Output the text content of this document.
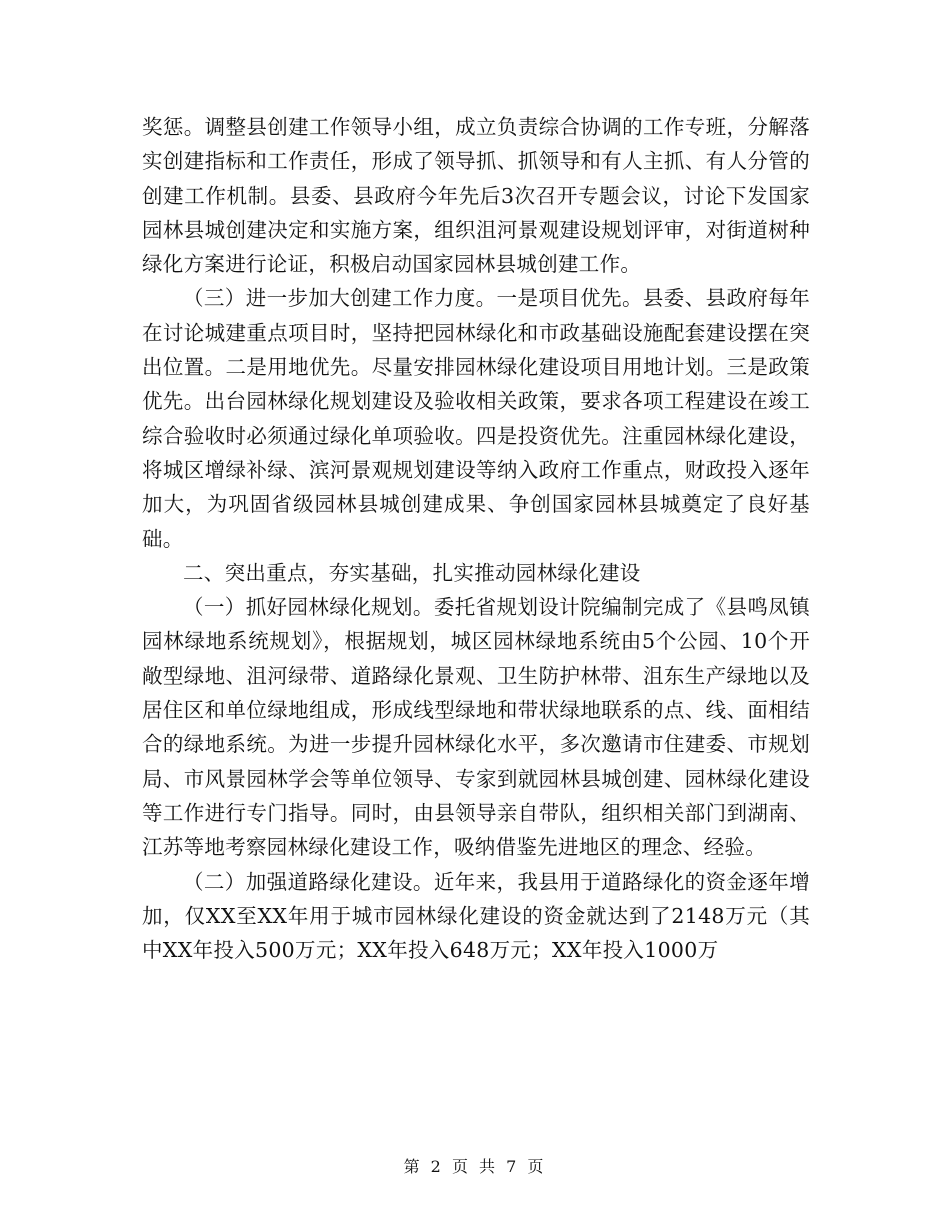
奖惩。调整县创建工作领导小组，成立负责综合协调的工作专班，分解落实创建指标和工作责任，形成了领导抓、抓领导和有人主抓、有人分管的创建工作机制。县委、县政府今年先后3次召开专题会议，讨论下发国家园林县城创建决定和实施方案，组织沮河景观建设规划评审，对街道树种绿化方案进行论证，积极启动国家园林县城创建工作。

（三）进一步加大创建工作力度。一是项目优先。县委、县政府每年在讨论城建重点项目时，坚持把园林绿化和市政基础设施配套建设摆在突出位置。二是用地优先。尽量安排园林绿化建设项目用地计划。三是政策优先。出台园林绿化规划建设及验收相关政策，要求各项工程建设在竣工综合验收时必须通过绿化单项验收。四是投资优先。注重园林绿化建设，将城区增绿补绿、滨河景观规划建设等纳入政府工作重点，财政投入逐年加大，为巩固省级园林县城创建成果、争创国家园林县城奠定了良好基础。

二、突出重点，夯实基础，扎实推动园林绿化建设

（一）抓好园林绿化规划。委托省规划设计院编制完成了《县鸣凤镇园林绿地系统规划》，根据规划，城区园林绿地系统由5个公园、10个开敞型绿地、沮河绿带、道路绿化景观、卫生防护林带、沮东生产绿地以及居住区和单位绿地组成，形成线型绿地和带状绿地联系的点、线、面相结合的绿地系统。为进一步提升园林绿化水平，多次邀请市住建委、市规划局、市风景园林学会等单位领导、专家到就园林县城创建、园林绿化建设等工作进行专门指导。同时，由县领导亲自带队，组织相关部门到湖南、江苏等地考察园林绿化建设工作，吸纳借鉴先进地区的理念、经验。

（二）加强道路绿化建设。近年来，我县用于道路绿化的资金逐年增加，仅XX至XX年用于城市园林绿化建设的资金就达到了2148万元（其中XX年投入500万元；XX年投入648万元；XX年投入1000万

第 2 页 共 7 页
